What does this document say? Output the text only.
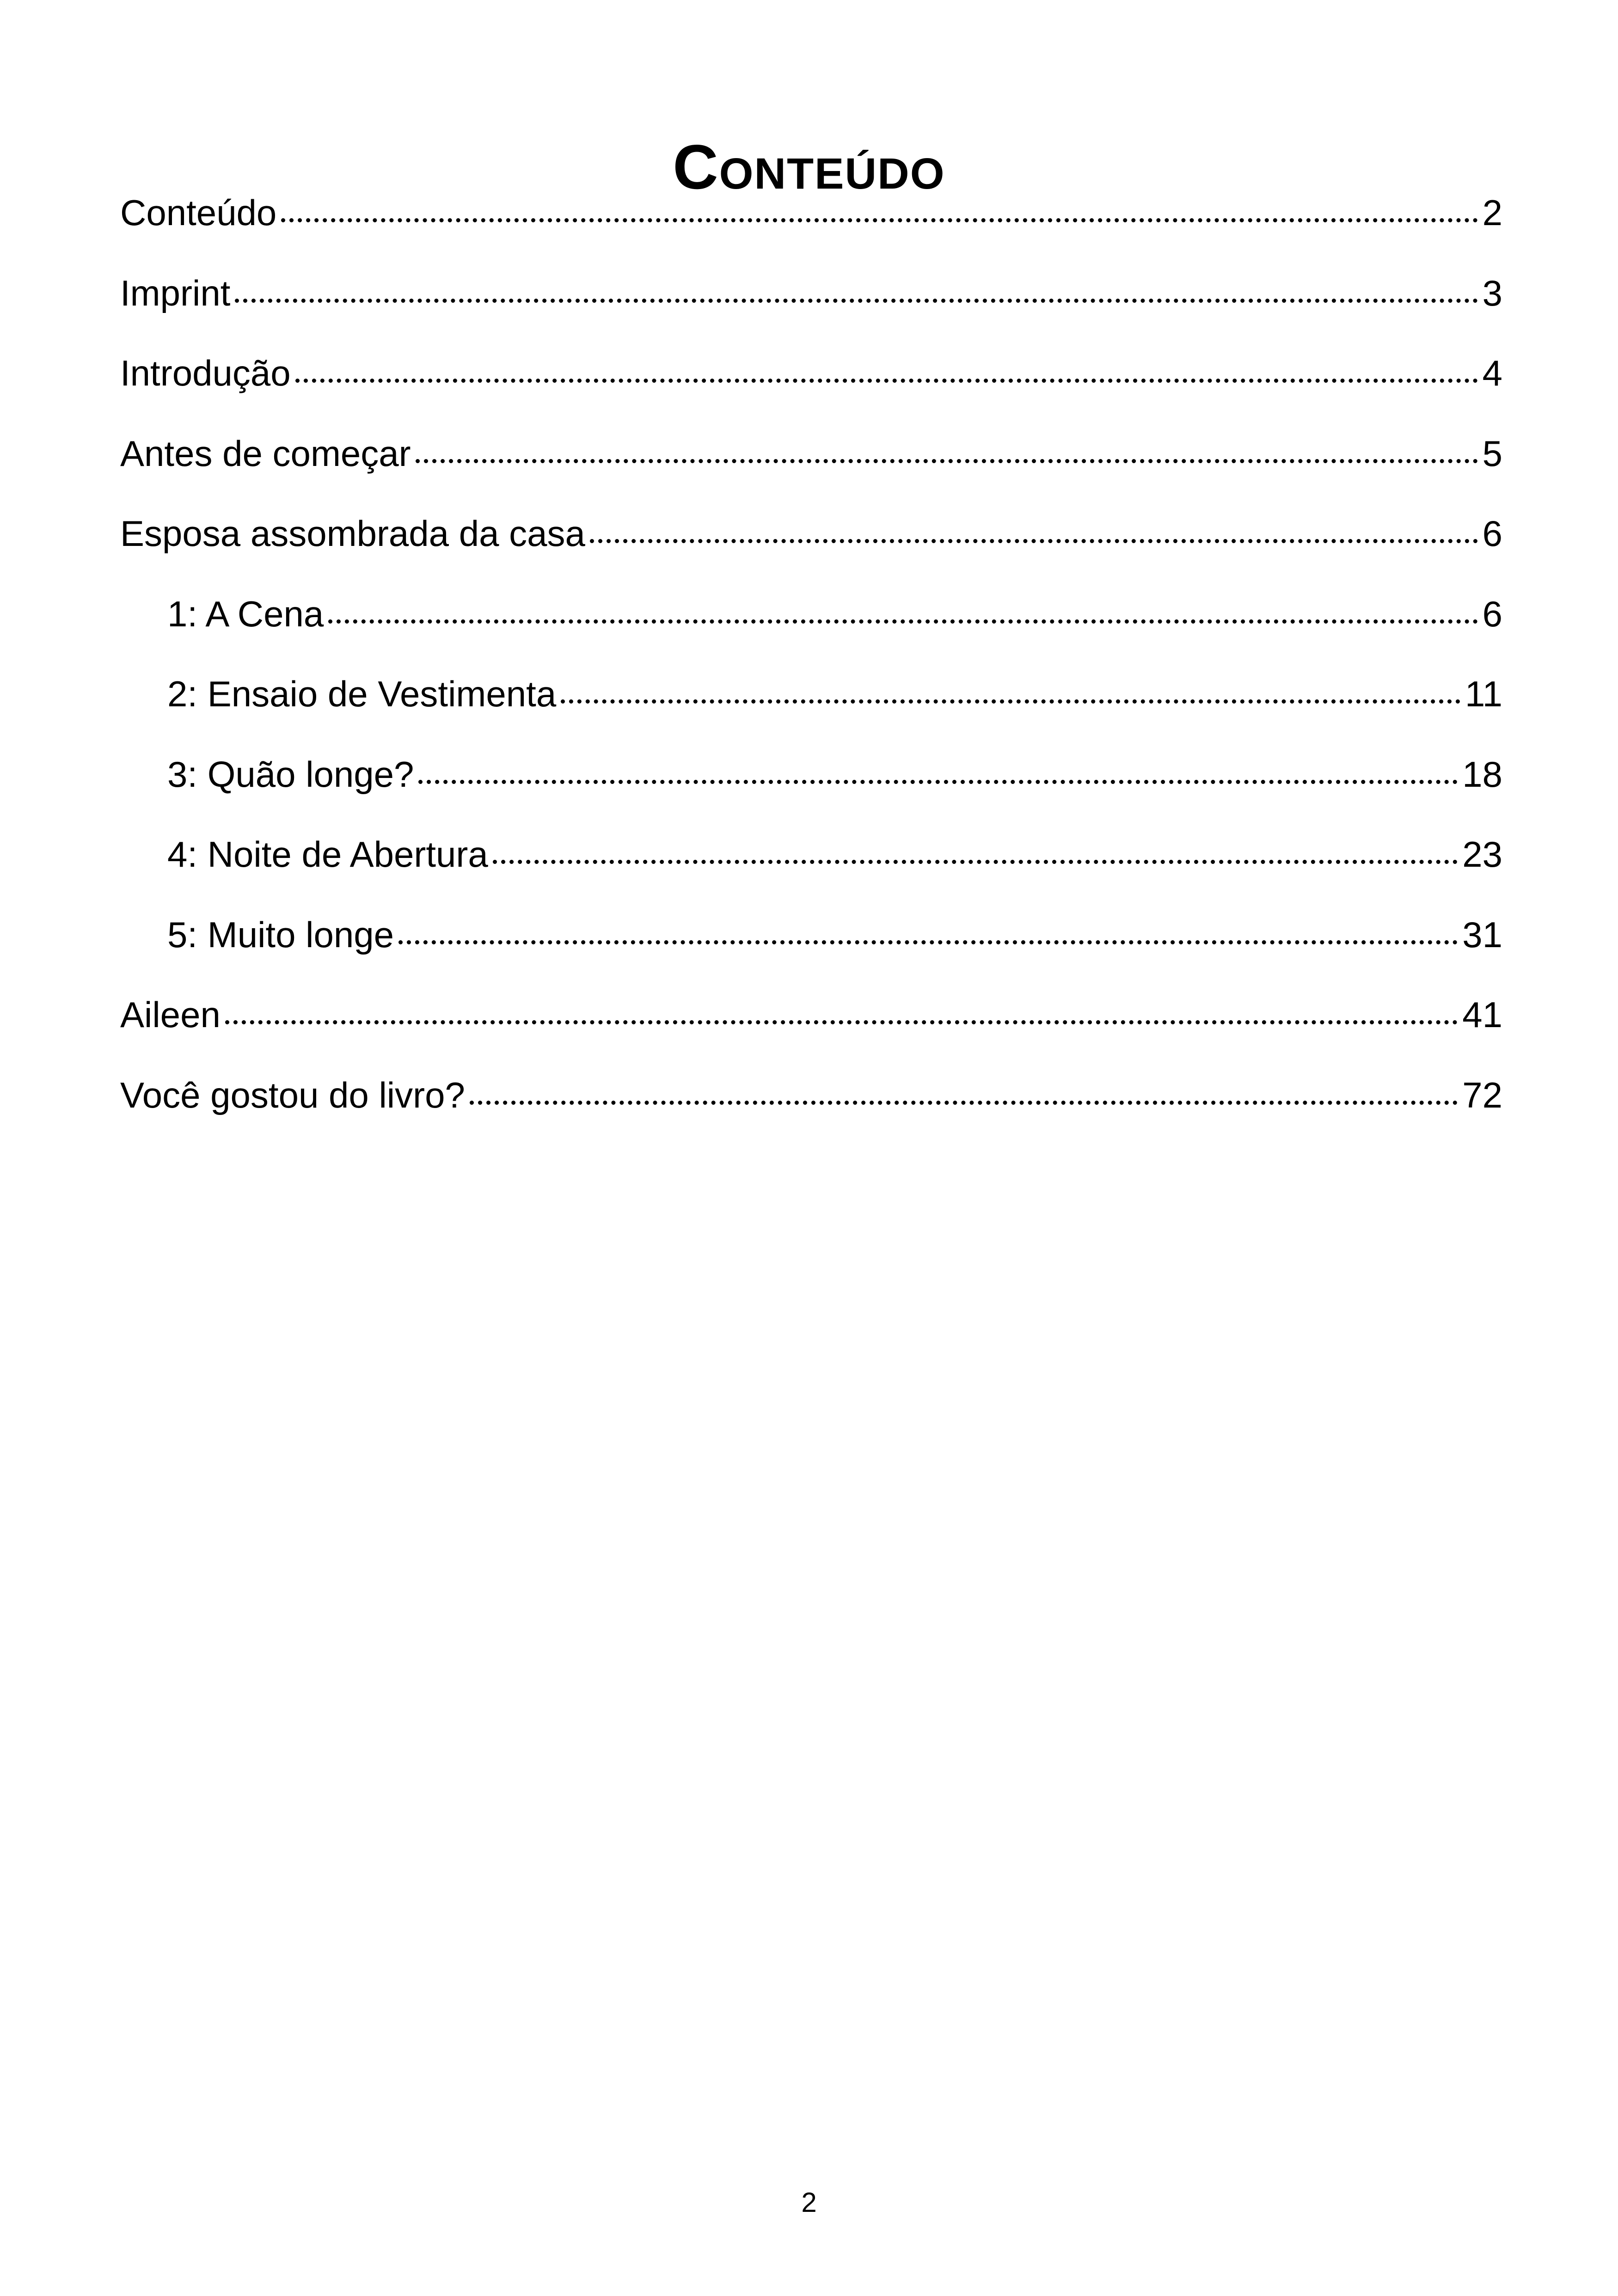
Conteúdo
Conteúdo	2
Imprint	3
Introdução	4
Antes de começar	5
Esposa assombrada da casa	6
1: A Cena	6
2: Ensaio de Vestimenta	11
3: Quão longe?	18
4: Noite de Abertura	23
5: Muito longe	31
Aileen	41
Você gostou do livro?	72
2
